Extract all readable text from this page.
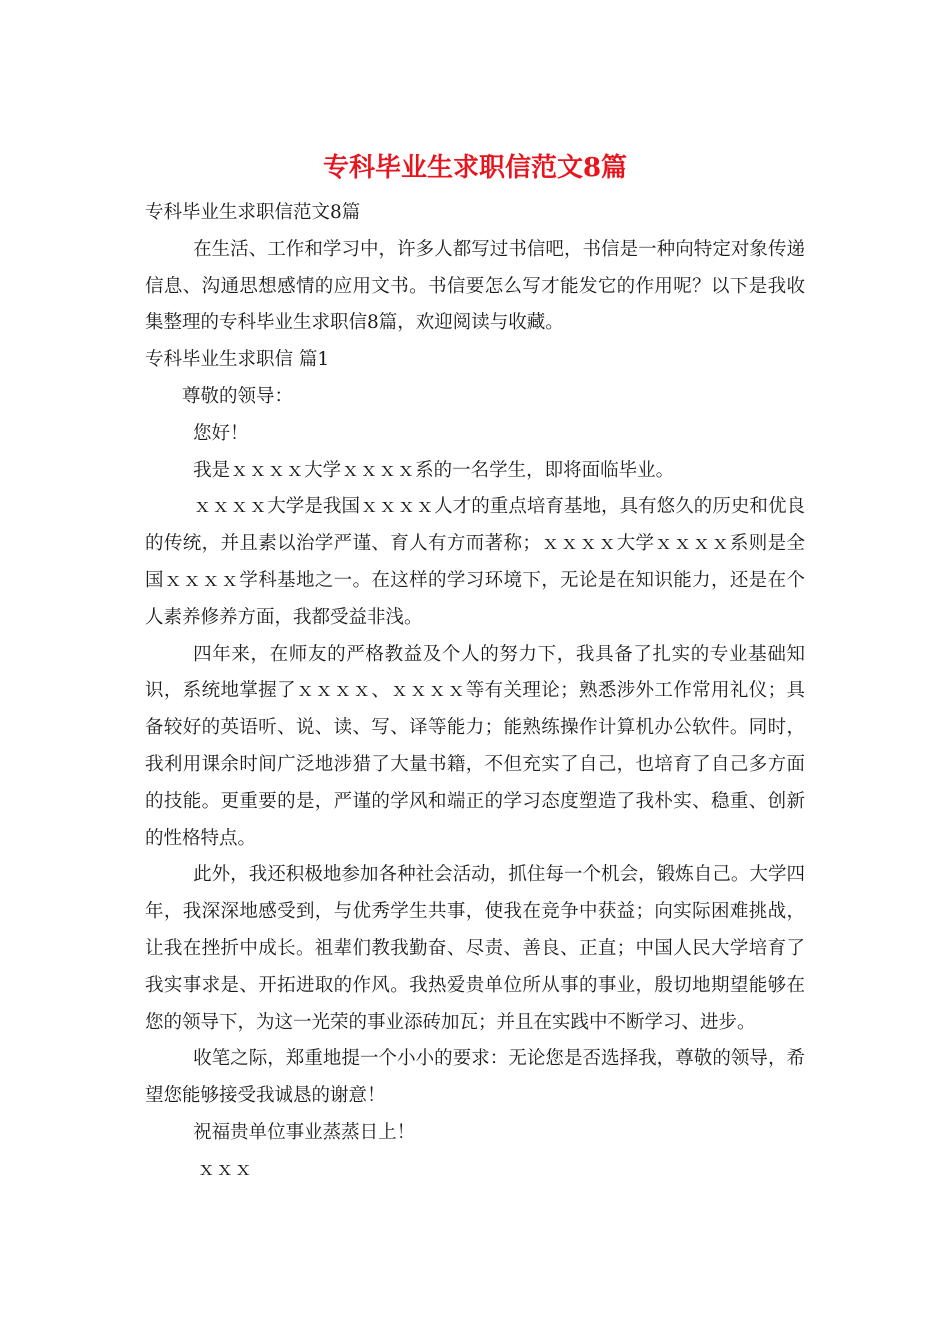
专科毕业生求职信范文8篇

专科毕业生求职信范文8篇

在生活、工作和学习中，许多人都写过书信吧，书信是一种向特定对象传递信息、沟通思想感情的应用文书。书信要怎么写才能发它的作用呢？以下是我收集整理的专科毕业生求职信8篇，欢迎阅读与收藏。

专科毕业生求职信 篇1

尊敬的领导：

您好！

我是ｘｘｘｘ大学ｘｘｘｘ系的一名学生，即将面临毕业。

ｘｘｘｘ大学是我国ｘｘｘｘ人才的重点培育基地，具有悠久的历史和优良的传统，并且素以治学严谨、育人有方而著称；ｘｘｘｘ大学ｘｘｘｘ系则是全国ｘｘｘｘ学科基地之一。在这样的学习环境下，无论是在知识能力，还是在个人素养修养方面，我都受益非浅。

四年来，在师友的严格教益及个人的努力下，我具备了扎实的专业基础知识，系统地掌握了ｘｘｘｘ、ｘｘｘｘ等有关理论；熟悉涉外工作常用礼仪；具备较好的英语听、说、读、写、译等能力；能熟练操作计算机办公软件。同时，我利用课余时间广泛地涉猎了大量书籍，不但充实了自己，也培育了自己多方面的技能。更重要的是，严谨的学风和端正的学习态度塑造了我朴实、稳重、创新的性格特点。

此外，我还积极地参加各种社会活动，抓住每一个机会，锻炼自己。大学四年，我深深地感受到，与优秀学生共事，使我在竞争中获益；向实际困难挑战，让我在挫折中成长。祖辈们教我勤奋、尽责、善良、正直；中国人民大学培育了我实事求是、开拓进取的作风。我热爱贵单位所从事的事业，殷切地期望能够在您的领导下，为这一光荣的事业添砖加瓦；并且在实践中不断学习、进步。

收笔之际，郑重地提一个小小的要求：无论您是否选择我，尊敬的领导，希望您能够接受我诚恳的谢意！

祝福贵单位事业蒸蒸日上！

ｘｘｘ
